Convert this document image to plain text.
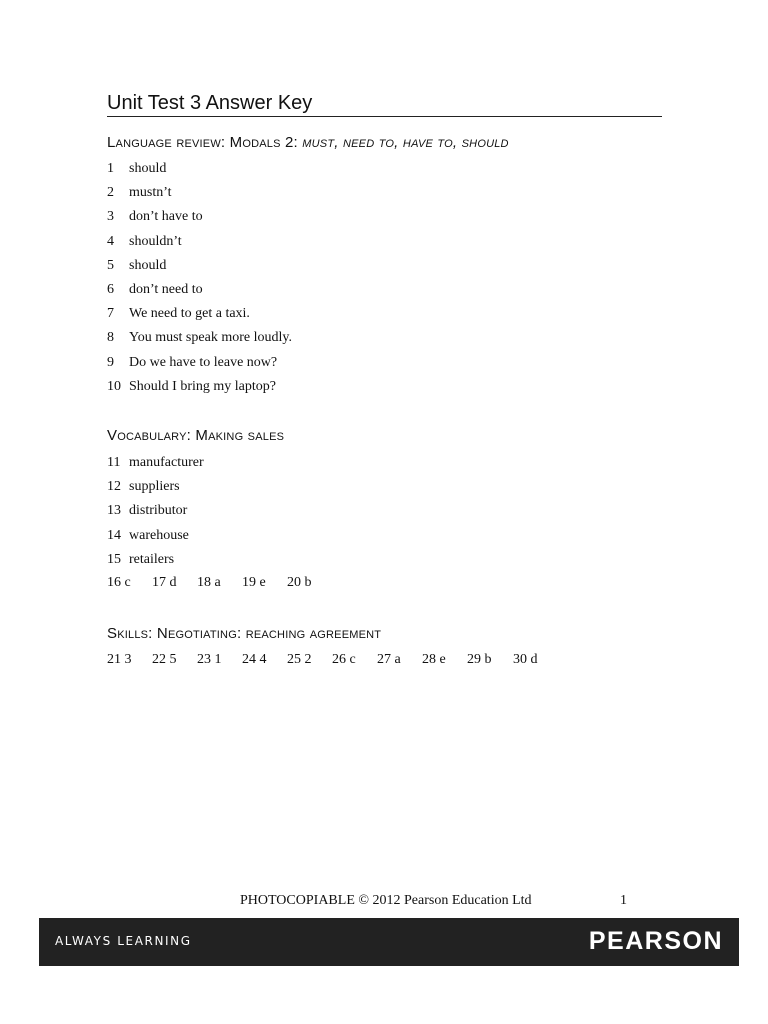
Unit Test 3 Answer Key
Language review: Modals 2: must, need to, have to, should
1 should
2 mustn’t
3 don’t have to
4 shouldn’t
5 should
6 don’t need to
7 We need to get a taxi.
8 You must speak more loudly.
9 Do we have to leave now?
10 Should I bring my laptop?
Vocabulary: Making sales
11 manufacturer
12 suppliers
13 distributor
14 warehouse
15 retailers
16 c 17 d 18 a 19 e 20 b
Skills: Negotiating: reaching agreement
21 3 22 5 23 1 24 4 25 2 26 c 27 a 28 e 29 b 30 d
PHOTOCOPIABLE © 2012 Pearson Education Ltd	1
ALWAYS LEARNING	PEARSON
